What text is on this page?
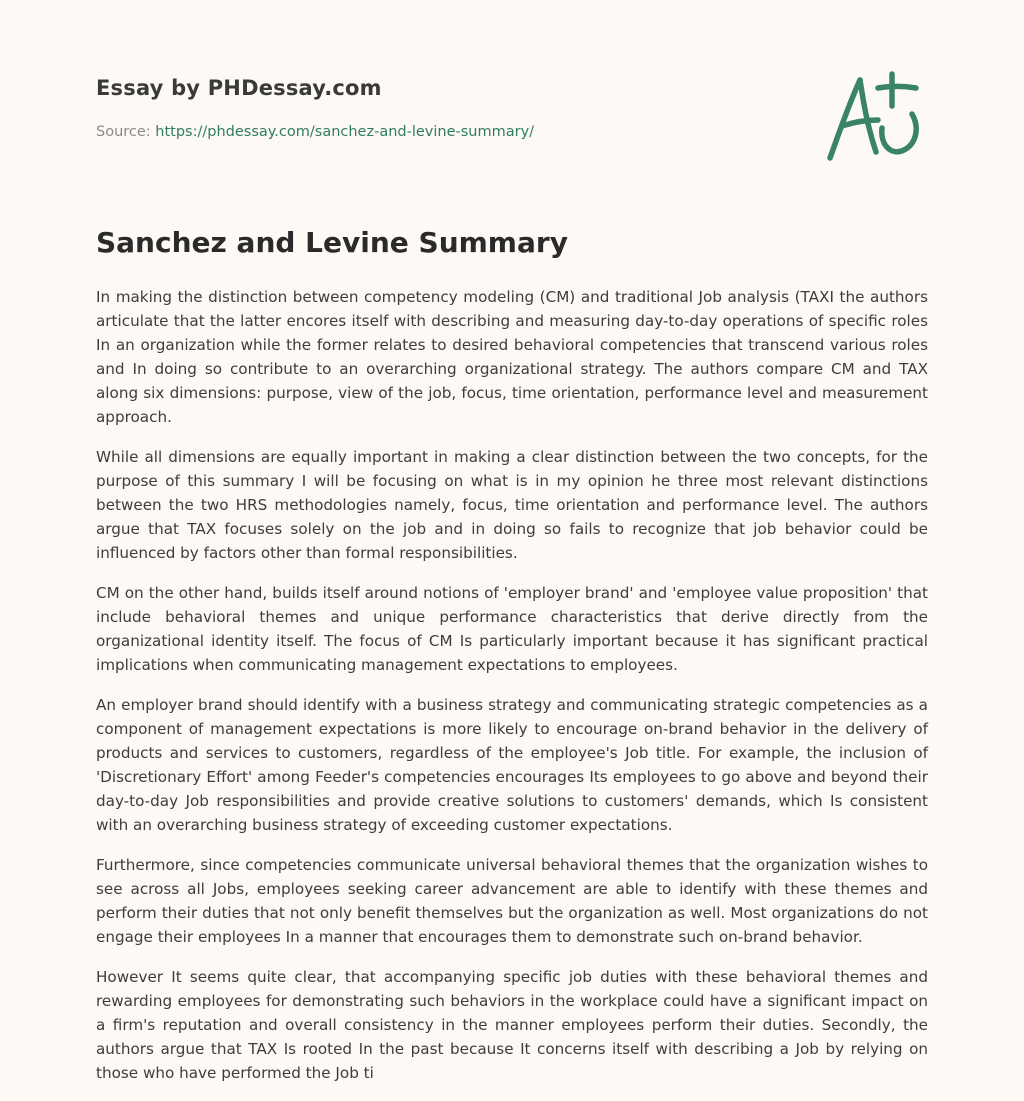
Essay by PHDessay.com
Source: https://phdessay.com/sanchez-and-levine-summary/
Sanchez and Levine Summary

In making the distinction between competency modeling (CM) and traditional Job analysis (TAXI the authors articulate that the latter encores itself with describing and measuring day-to-day operations of specific roles In an organization while the former relates to desired behavioral competencies that transcend various roles and In doing so contribute to an overarching organizational strategy. The authors compare CM and TAX along six dimensions: purpose, view of the job, focus, time orientation, performance level and measurement approach.

While all dimensions are equally important in making a clear distinction between the two concepts, for the purpose of this summary I will be focusing on what is in my opinion he three most relevant distinctions between the two HRS methodologies namely, focus, time orientation and performance level. The authors argue that TAX focuses solely on the job and in doing so fails to recognize that job behavior could be influenced by factors other than formal responsibilities.

CM on the other hand, builds itself around notions of 'employer brand' and 'employee value proposition' that include behavioral themes and unique performance characteristics that derive directly from the organizational identity itself. The focus of CM Is particularly important because it has significant practical implications when communicating management expectations to employees.

An employer brand should identify with a business strategy and communicating strategic competencies as a component of management expectations is more likely to encourage on-brand behavior in the delivery of products and services to customers, regardless of the employee's Job title. For example, the inclusion of 'Discretionary Effort' among Feeder's competencies encourages Its employees to go above and beyond their day-to-day Job responsibilities and provide creative solutions to customers' demands, which Is consistent with an overarching business strategy of exceeding customer expectations.

Furthermore, since competencies communicate universal behavioral themes that the organization wishes to see across all Jobs, employees seeking career advancement are able to identify with these themes and perform their duties that not only benefit themselves but the organization as well. Most organizations do not engage their employees In a manner that encourages them to demonstrate such on-brand behavior.

However It seems quite clear, that accompanying specific job duties with these behavioral themes and rewarding employees for demonstrating such behaviors in the workplace could have a significant impact on a firm's reputation and overall consistency in the manner employees perform their duties. Secondly, the authors argue that TAX Is rooted In the past because It concerns itself with describing a Job by relying on those who have performed the Job ti
